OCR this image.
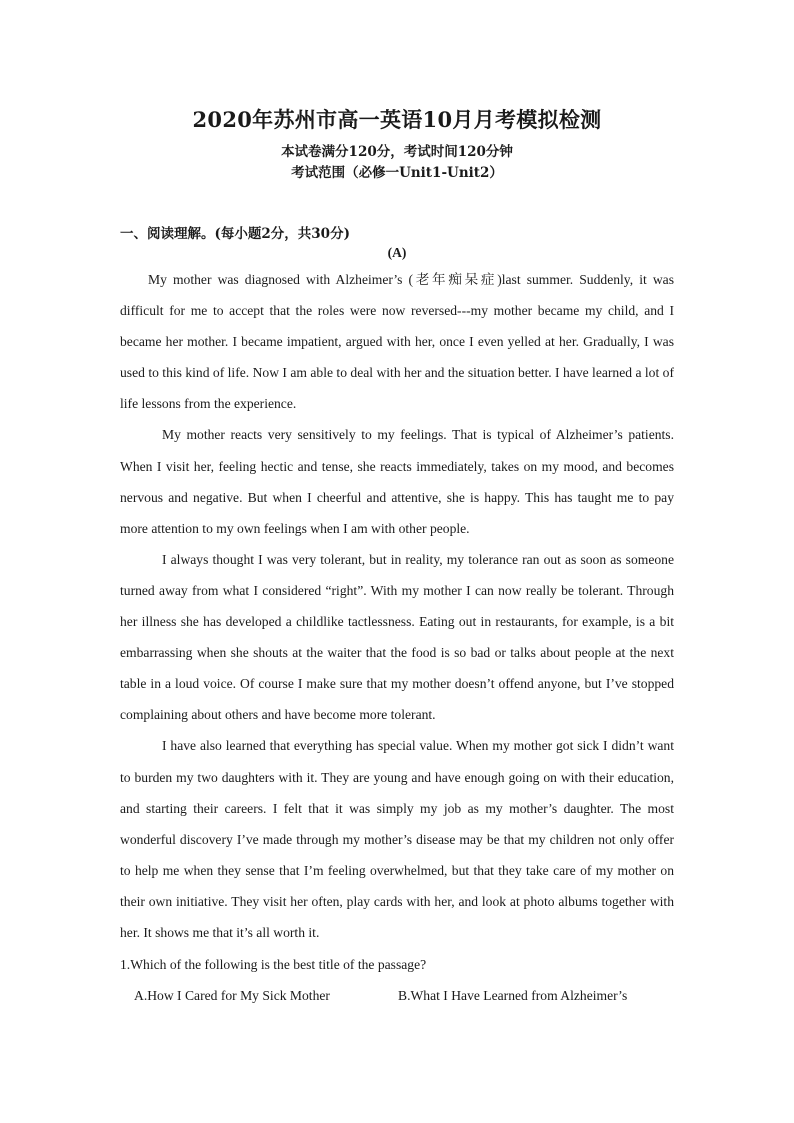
2020年苏州市高一英语10月月考模拟检测
本试卷满分120分，考试时间120分钟
考试范围（必修一Unit1-Unit2）
一、阅读理解。(每小题2分，共30分)
(A)

My mother was diagnosed with Alzheimer’s (老年痴呆症)last summer. Suddenly, it was difficult for me to accept that the roles were now reversed---my mother became my child, and I became her mother. I became impatient, argued with her, once I even yelled at her. Gradually, I was used to this kind of life. Now I am able to deal with her and the situation better. I have learned a lot of life lessons from the experience.

My mother reacts very sensitively to my feelings. That is typical of Alzheimer’s patients. When I visit her, feeling hectic and tense, she reacts immediately, takes on my mood, and becomes nervous and negative. But when I cheerful and attentive, she is happy. This has taught me to pay more attention to my own feelings when I am with other people.

I always thought I was very tolerant, but in reality, my tolerance ran out as soon as someone turned away from what I considered “right”. With my mother I can now really be tolerant. Through her illness she has developed a childlike tactlessness. Eating out in restaurants, for example, is a bit embarrassing when she shouts at the waiter that the food is so bad or talks about people at the next table in a loud voice. Of course I make sure that my mother doesn’t offend anyone, but I’ve stopped complaining about others and have become more tolerant.

I have also learned that everything has special value. When my mother got sick I didn’t want to burden my two daughters with it. They are young and have enough going on with their education, and starting their careers. I felt that it was simply my job as my mother’s daughter. The most wonderful discovery I’ve made through my mother’s disease may be that my children not only offer to help me when they sense that I’m feeling overwhelmed, but that they take care of my mother on their own initiative. They visit her often, play cards with her, and look at photo albums together with her. It shows me that it’s all worth it.

1.Which of the following is the best title of the passage?
A.How I Cared for My Sick Mother	B.What I Have Learned from Alzheimer’s
